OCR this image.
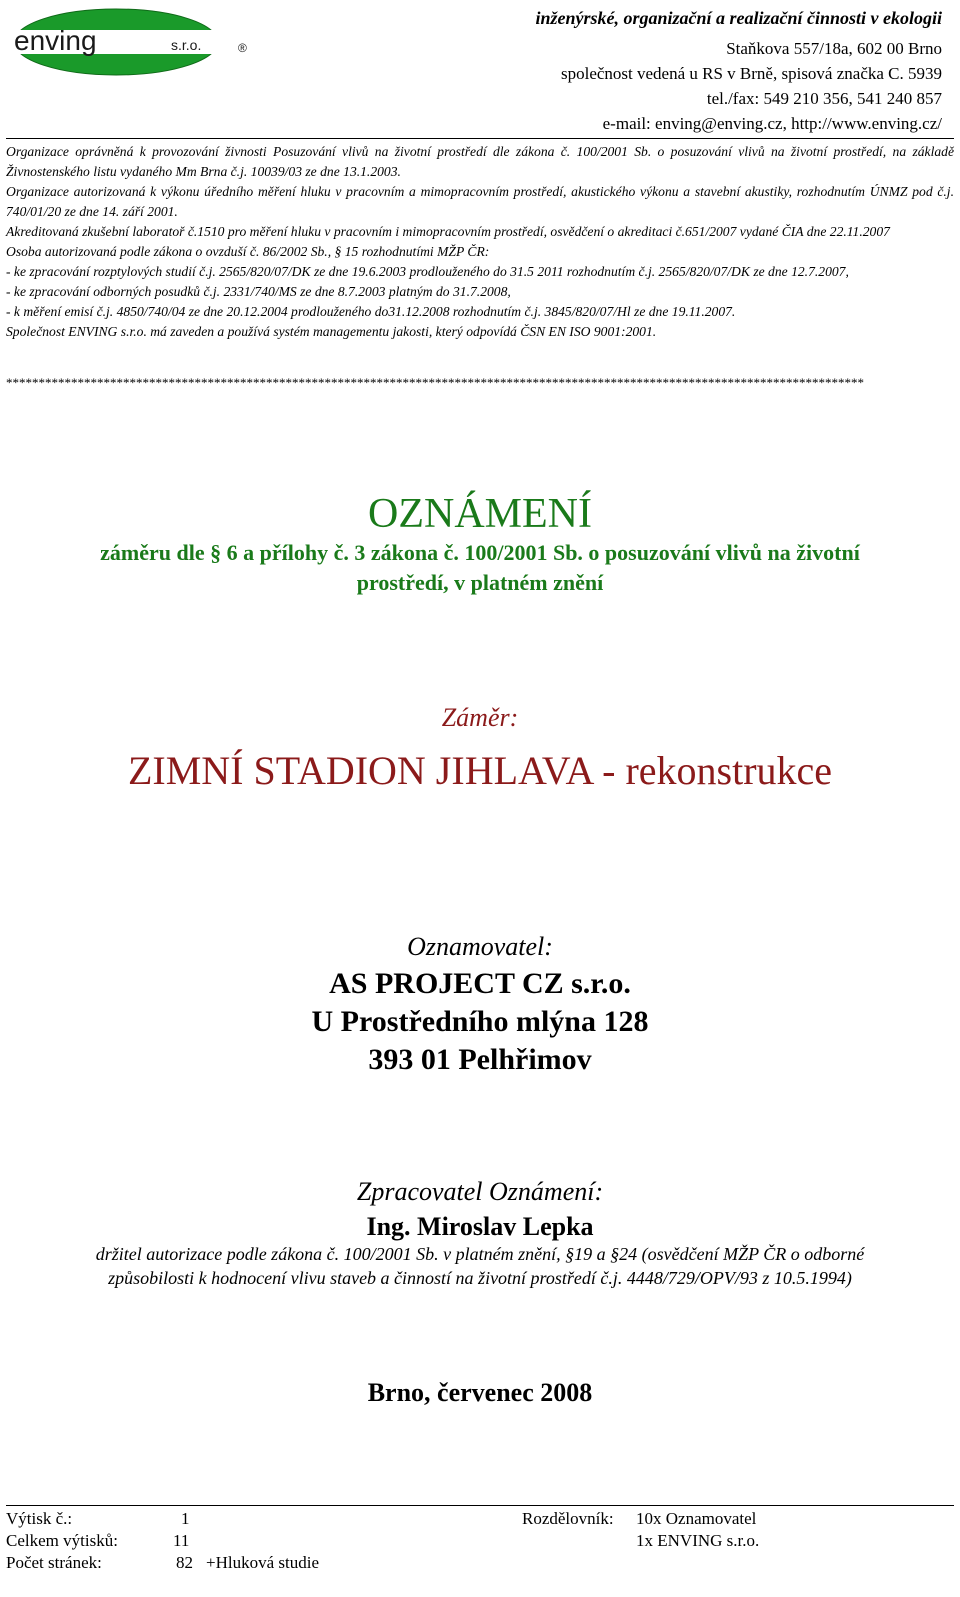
enving	s.r.o.	®
inženýrské, organizační a realizační činnosti v ekologii
Staňkova 557/18a, 602 00 Brno
společnost vedená u RS v Brně, spisová značka C. 5939
tel./fax: 549 210 356, 541 240 857
e-mail: enving@enving.cz, http://www.enving.cz/

Organizace oprávněná k provozování živnosti Posuzování vlivů na životní prostředí dle zákona č. 100/2001 Sb. o posuzování vlivů na životní prostředí, na základě Živnostenského listu vydaného Mm Brna č.j. 10039/03 ze dne 13.1.2003.

Organizace autorizovaná k výkonu úředního měření hluku v pracovním a mimopracovním prostředí, akustického výkonu a stavební akustiky, rozhodnutím ÚNMZ pod č.j. 740/01/20 ze dne 14. září 2001.

Akreditovaná zkušební laboratoř č.1510 pro měření hluku v pracovním i mimopracovním prostředí, osvědčení o akreditaci č.651/2007 vydané ČIA dne 22.11.2007

Osoba autorizovaná podle zákona o ovzduší č. 86/2002 Sb., § 15 rozhodnutími MŽP ČR:

- ke zpracování rozptylových studií č.j. 2565/820/07/DK ze dne 19.6.2003 prodlouženého do 31.5 2011 rozhodnutím č.j. 2565/820/07/DK ze dne 12.7.2007,

- ke zpracování odborných posudků č.j. 2331/740/MS ze dne 8.7.2003 platným do 31.7.2008,

- k měření emisí č.j. 4850/740/04 ze dne 20.12.2004 prodlouženého do31.12.2008 rozhodnutím č.j. 3845/820/07/Hl ze dne 19.11.2007.

Společnost ENVING s.r.o. má zaveden a používá systém managementu jakosti, který odpovídá ČSN EN ISO 9001:2001.

************************************************************************************************************************************
OZNÁMENÍ
záměru dle § 6 a přílohy č. 3 zákona č. 100/2001 Sb. o posuzování vlivů na životní
prostředí, v platném znění
Záměr:
ZIMNÍ STADION JIHLAVA - rekonstrukce
Oznamovatel:
AS PROJECT CZ s.r.o.
U Prostředního mlýna 128
393 01 Pelhřimov
Zpracovatel Oznámení:
Ing. Miroslav Lepka
držitel autorizace podle zákona č. 100/2001 Sb. v platném znění, §19 a §24 (osvědčení MŽP ČR o odborné
způsobilosti k hodnocení vlivu staveb a činností na životní prostředí č.j. 4448/729/OPV/93 z 10.5.1994)
Brno, červenec 2008
Výtisk č.:	1
Celkem výtisků:	11
Počet stránek:	82 +Hluková studie
Rozdělovník: 10x Oznamovatel
1x ENVING s.r.o.
